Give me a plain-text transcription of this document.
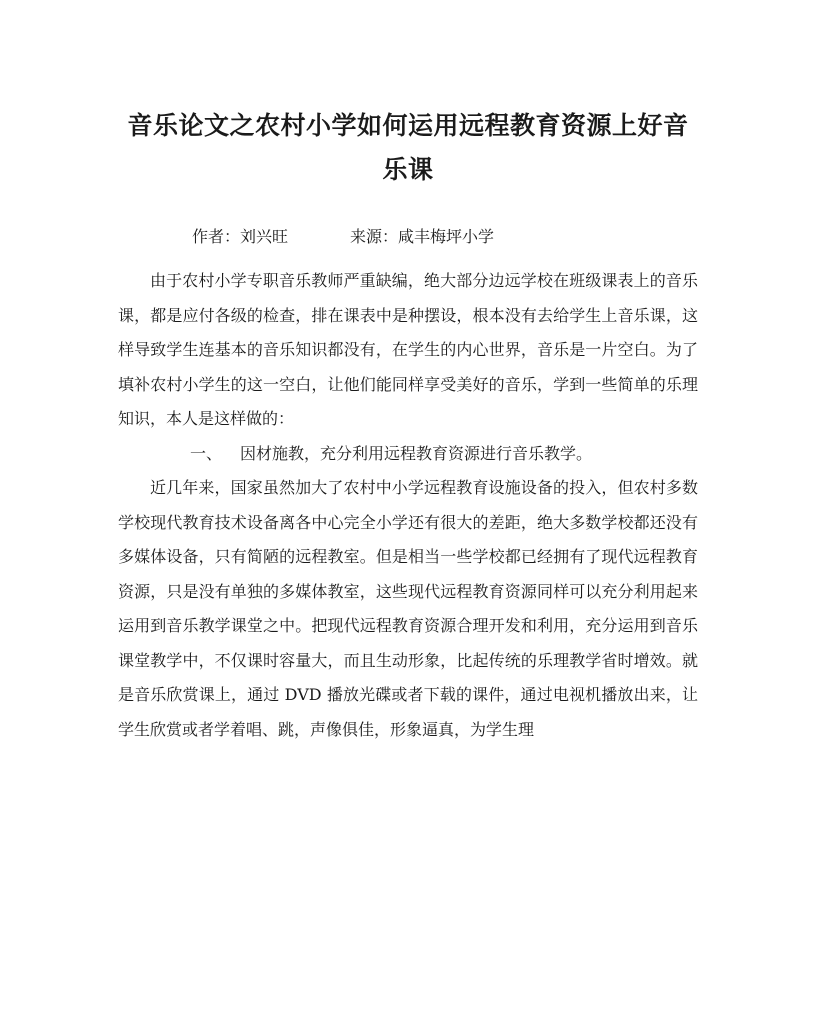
音乐论文之农村小学如何运用远程教育资源上好音乐课
作者：刘兴旺	来源：咸丰梅坪小学

由于农村小学专职音乐教师严重缺编，绝大部分边远学校在班级课表上的音乐课，都是应付各级的检查，排在课表中是种摆设，根本没有去给学生上音乐课，这样导致学生连基本的音乐知识都没有，在学生的内心世界，音乐是一片空白。为了填补农村小学生的这一空白，让他们能同样享受美好的音乐，学到一些简单的乐理知识，本人是这样做的：

一、 因材施教，充分利用远程教育资源进行音乐教学。

近几年来，国家虽然加大了农村中小学远程教育设施设备的投入，但农村多数学校现代教育技术设备离各中心完全小学还有很大的差距，绝大多数学校都还没有多媒体设备，只有简陋的远程教室。但是相当一些学校都已经拥有了现代远程教育资源，只是没有单独的多媒体教室，这些现代远程教育资源同样可以充分利用起来运用到音乐教学课堂之中。把现代远程教育资源合理开发和利用，充分运用到音乐课堂教学中，不仅课时容量大，而且生动形象，比起传统的乐理教学省时增效。就是音乐欣赏课上，通过 DVD 播放光碟或者下载的课件，通过电视机播放出来，让学生欣赏或者学着唱、跳，声像俱佳，形象逼真，为学生理
